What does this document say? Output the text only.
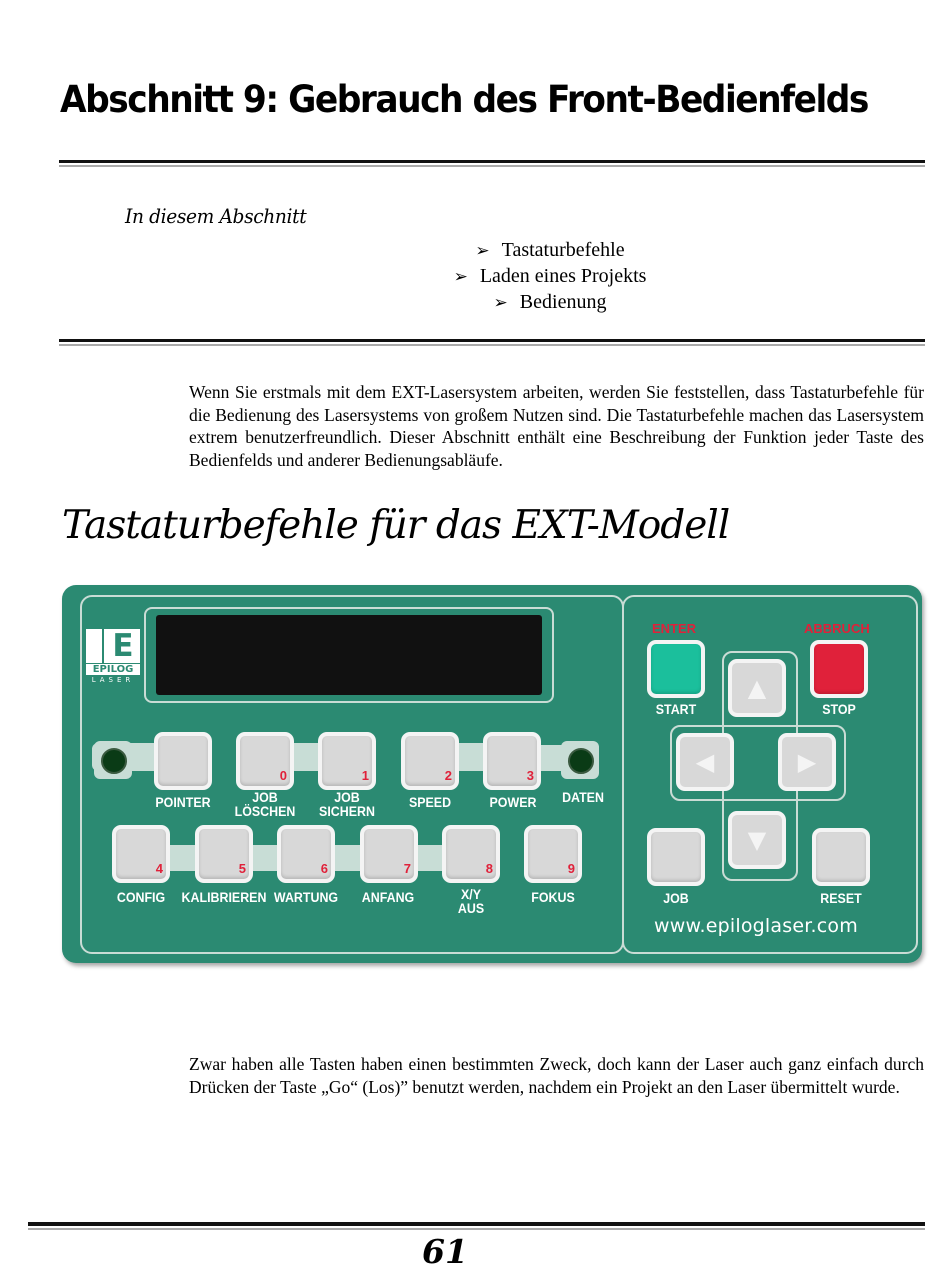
Abschnitt 9: Gebrauch des Front-Bedienfelds
In diesem Abschnitt
➢ Tastaturbefehle
➢ Laden eines Projekts
➢ Bedienung
Wenn Sie erstmals mit dem EXT-Lasersystem arbeiten, werden Sie feststellen, dass Tastaturbefehle für die Bedienung des Lasersystems von großem Nutzen sind. Die Tastaturbefehle machen das Lasersystem extrem benutzerfreundlich. Dieser Abschnitt enthält eine Beschreibung der Funktion jeder Taste des Bedienfelds und anderer Bedienungsabläufe.
Tastaturbefehle für das EXT-Modell
E
EPILOG
LASER
0	1	2	3
POINTER	JOB
LÖSCHEN
JOB
SICHERN
SPEED	POWER	DATEN
4	5	6	7	8	9
CONFIG	KALIBRIEREN WARTUNG	ANFANG	X/Y
AUS
FOKUS
ENTER	ABBRUCH
START	STOP
▲
◀	▶
▼
JOB	RESET
www.epiloglaser.com
Zwar haben alle Tasten haben einen bestimmten Zweck, doch kann der Laser auch ganz einfach durch Drücken der Taste „Go“ (Los)” benutzt werden, nachdem ein Projekt an den Laser übermittelt wurde.
61
